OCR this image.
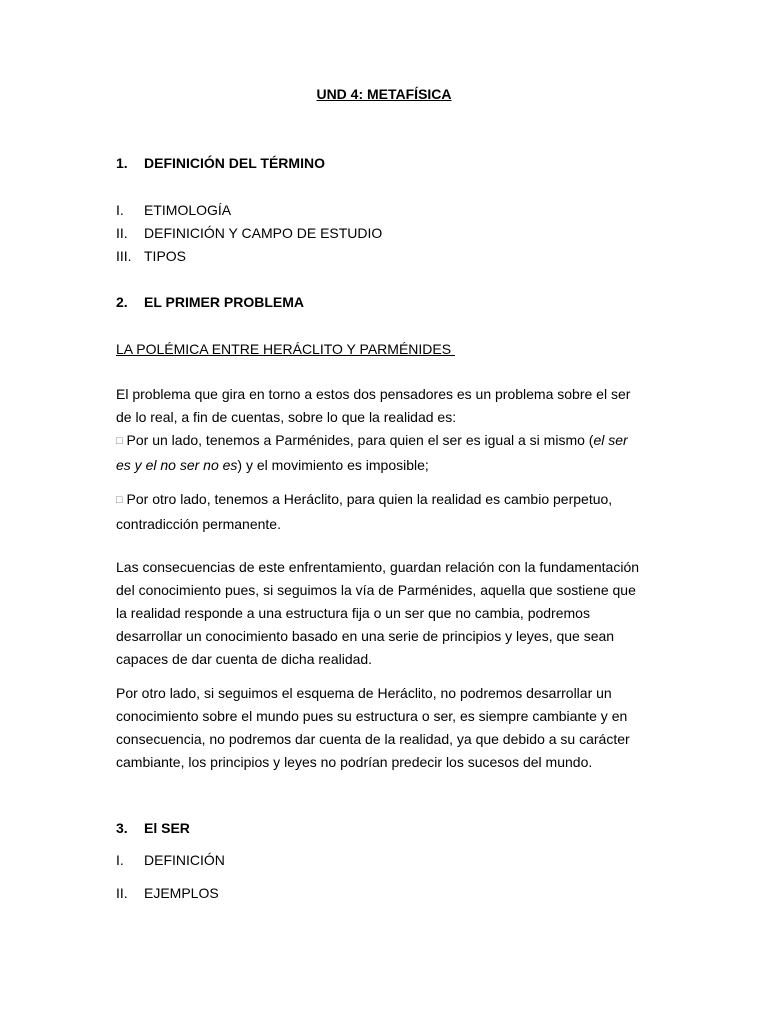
UND 4: METAFÍSICA
1. DEFINICIÓN DEL TÉRMINO
I. ETIMOLOGÍA
II. DEFINICIÓN Y CAMPO DE ESTUDIO
III. TIPOS
2. EL PRIMER PROBLEMA
LA POLÉMICA ENTRE HERÁCLITO Y PARMÉNIDES
El problema que gira en torno a estos dos pensadores es un problema sobre el ser
de lo real, a fin de cuentas, sobre lo que la realidad es:
□ Por un lado, tenemos a Parménides, para quien el ser es igual a si mismo (el ser
es y el no ser no es) y el movimiento es imposible;
□ Por otro lado, tenemos a Heráclito, para quien la realidad es cambio perpetuo,
contradicción permanente.
Las consecuencias de este enfrentamiento, guardan relación con la fundamentación
del conocimiento pues, si seguimos la vía de Parménides, aquella que sostiene que
la realidad responde a una estructura fija o un ser que no cambia, podremos
desarrollar un conocimiento basado en una serie de principios y leyes, que sean
capaces de dar cuenta de dicha realidad.
Por otro lado, si seguimos el esquema de Heráclito, no podremos desarrollar un
conocimiento sobre el mundo pues su estructura o ser, es siempre cambiante y en
consecuencia, no podremos dar cuenta de la realidad, ya que debido a su carácter
cambiante, los principios y leyes no podrían predecir los sucesos del mundo.
3. El SER
I. DEFINICIÓN
II. EJEMPLOS
